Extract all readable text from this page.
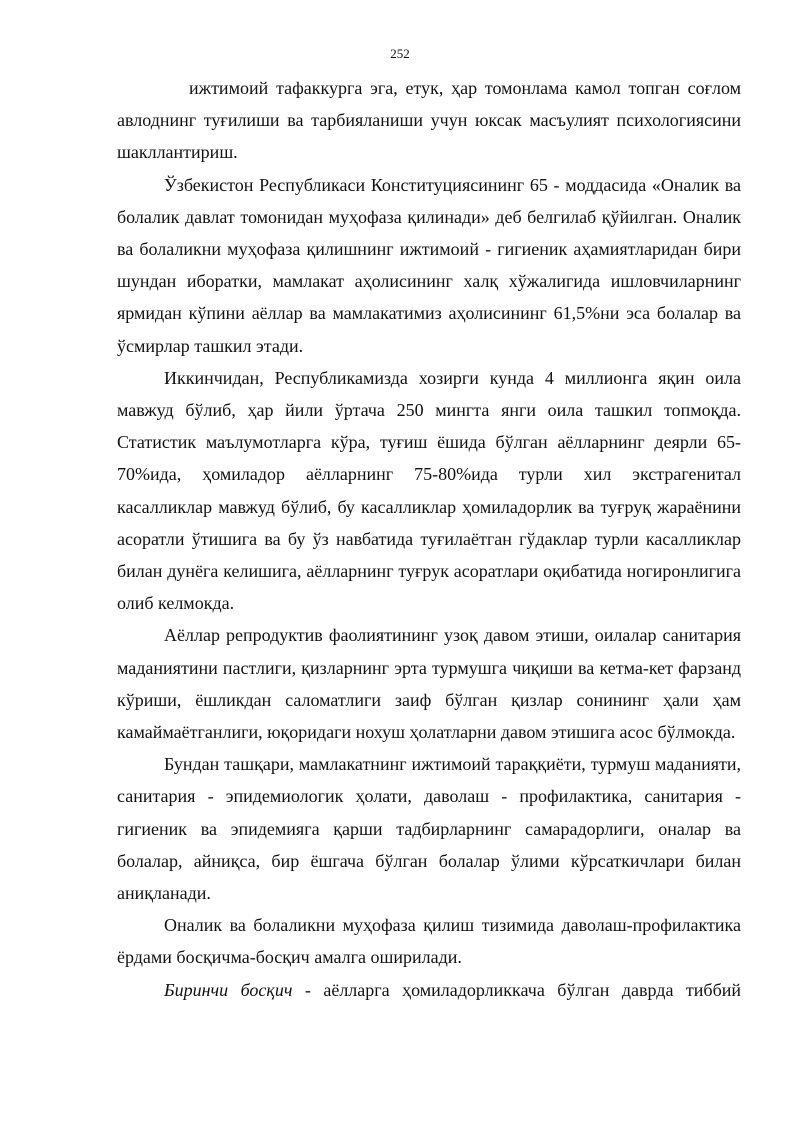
252

ижтимоий тафаккурга эга, етук, ҳар томонлама камол топган соғлом авлоднинг туғилиши ва тарбияланиши учун юксак масъулият психологиясини шакллантириш.

Ўзбекистон Республикаси Конституциясининг 65 - моддасида «Оналик ва болалик давлат томонидан муҳофаза қилинади» деб белгилаб қўйилган. Оналик ва болаликни муҳофаза қилишнинг ижтимоий - гигиеник аҳамиятларидан бири шундан иборатки, мамлакат аҳолисининг халқ хўжалигида ишловчиларнинг ярмидан кўпини аёллар ва мамлакатимиз аҳолисининг 61,5%ни эса болалар ва ўсмирлар ташкил этади.

Иккинчидан, Республикамизда хозирги кунда 4 миллионга яқин оила мавжуд бўлиб, ҳар йили ўртача 250 мингта янги оила ташкил топмоқда. Статистик маълумотларга кўра, туғиш ёшида бўлган аёлларнинг деярли 65-70%ида, ҳомиладор аёлларнинг 75-80%ида турли хил экстрагенитал касалликлар мавжуд бўлиб, бу касалликлар ҳомиладорлик ва туғруқ жараёнини асоратли ўтишига ва бу ўз навбатида туғилаётган гўдаклар турли касалликлар билан дунёга келишига, аёлларнинг туғрук асоратлари оқибатида ногиронлигига олиб келмокда.

Аёллар репродуктив фаолиятининг узоқ давом этиши, оилалар санитария маданиятини пастлиги, қизларнинг эрта турмушга чиқиши ва кетма-кет фарзанд кўриши, ёшликдан саломатлиги заиф бўлган қизлар сонининг ҳали ҳам камаймаётганлиги, юқоридаги нохуш ҳолатларни давом этишига асос бўлмокда.

Бундан ташқари, мамлакатнинг ижтимоий тараққиёти, турмуш маданияти, санитария - эпидемиологик ҳолати, даволаш - профилактика, санитария - гигиеник ва эпидемияга қарши тадбирларнинг самарадорлиги, оналар ва болалар, айниқса, бир ёшгача бўлган болалар ўлими кўрсаткичлари билан аниқланади.

Оналик ва болаликни муҳофаза қилиш тизимида даволаш-профилактика ёрдами босқичма-босқич амалга оширилади.

Биринчи босқич - аёлларга ҳомиладорликкача бўлган даврда тиббий
